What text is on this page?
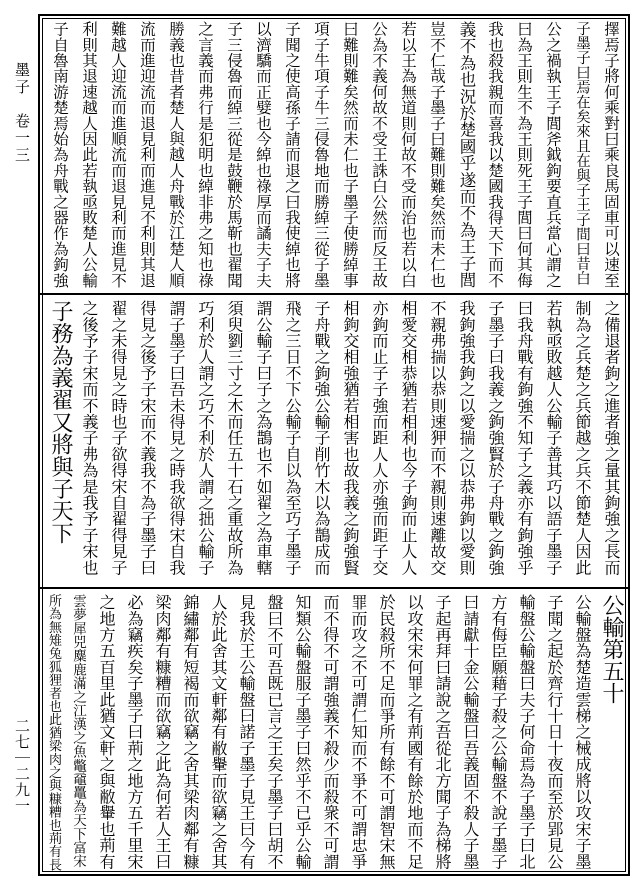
墨子　卷一三
二七｜二九一
擇焉子將何乘對曰乘良馬固車可以速至
子墨子曰焉在矣來且在與子王子間曰昔白
公之禍執王子閭斧鉞鉤要直兵當心謂之
曰為王則生不為王則死王子閭曰何其侮
我也殺我親而喜我以楚國我得天下而不
義不為也況於楚國乎遂而不為王子閭
豈不仁哉子墨子曰難則難矣然而未仁也
若以王為無道則何故不受而治也若以白
公為不義何故不受王誅白公然而反王故
曰難則難矣然而未仁也子墨子使勝綽事
項子牛項子牛三侵魯地而勝綽三從子墨
子聞之使高孫子請而退之曰我使綽也將
以濟驕而正嬖也今綽也祿厚而譎夫子夫
子三侵魯而綽三從是鼓鞭於馬靳也翟聞
之言義而弗行是犯明也綽非弗之知也祿
勝義也昔者楚人與越人舟戰於江楚人順
流而進迎流而退見利而進見不利則其退
難越人迎流而進順流而退見利而進見不
利則其退速越人因此若執亟敗楚人公輸
子自魯南游楚焉始為舟戰之器作為鉤強
之備退者鉤之進者強之量其鉤強之長而
制為之兵楚之兵節越之兵不節楚人因此
若執亟敗越人公輸子善其巧以語子墨子
曰我舟戰有鉤強不知子之義亦有鉤強乎
子墨子曰我義之鉤強賢於子舟戰之鉤強
我鉤強我鉤之以愛揣之以恭弗鉤以愛則
不親弗揣以恭則速狎而不親則速離故交
相愛交相恭猶若相利也今子鉤而止人人
亦鉤而止子子強而距人人亦強而距子交
相鉤交相強猶若相害也故我義之鉤強賢
子舟戰之鉤強公輸子削竹木以為鵲成而
飛之三日不下公輸子自以為至巧子墨子
謂公輸子曰子之為鵲也不如翟之為車轄
須臾劉三寸之木而任五十石之重故所為
巧利於人謂之巧不利於人謂之拙公輸子
謂子墨子曰吾未得見之時我欲得宋自我
得見之後予子宋而不義我不為子墨子曰
翟之未得見之時也子欲得宋自翟得見子
之後予子宋而不義子弗為是我予子宋也
子務為義翟又將與子天下
公輸第五十
公輸盤為楚造雲梯之械成將以攻宋子墨
子聞之起於齊行十日十夜而至於郢見公
輸盤公輸盤曰夫子何命焉為子墨子曰北
方有侮臣願藉子殺之公輸盤不說子墨子
曰請獻十金公輸盤曰吾義固不殺人子墨
子起再拜曰請說之吾從北方聞子為梯將
以攻宋宋何罪之有荊國有餘於地而不足
於民殺所不足而爭所有餘不可謂智宋無
罪而攻之不可謂仁知而不爭不可謂忠爭
而不得不可謂強義不殺少而殺衆不可謂
知類公輸盤服子墨子曰然乎不已乎公輸
盤曰不可吾既已言之王矣子墨子曰胡不
見我於王公輸盤曰諾子墨子見王曰今有
人於此舍其文軒鄰有敝轝而欲竊之舍其
錦繡鄰有短褐而欲竊之舍其梁肉鄰有糠
梁肉鄰有糠糟而欲竊之此為何若人王曰
必為竊疾矣子墨子曰荊之地方五千里宋
之地方五百里此猶文軒之與敝轝也荊有
雲夢犀兕麋鹿滿之江漢之魚鼈黿鼉為天下富宋
所為無雉兔狐狸者也此猶梁肉之與糠糟也荊有長
